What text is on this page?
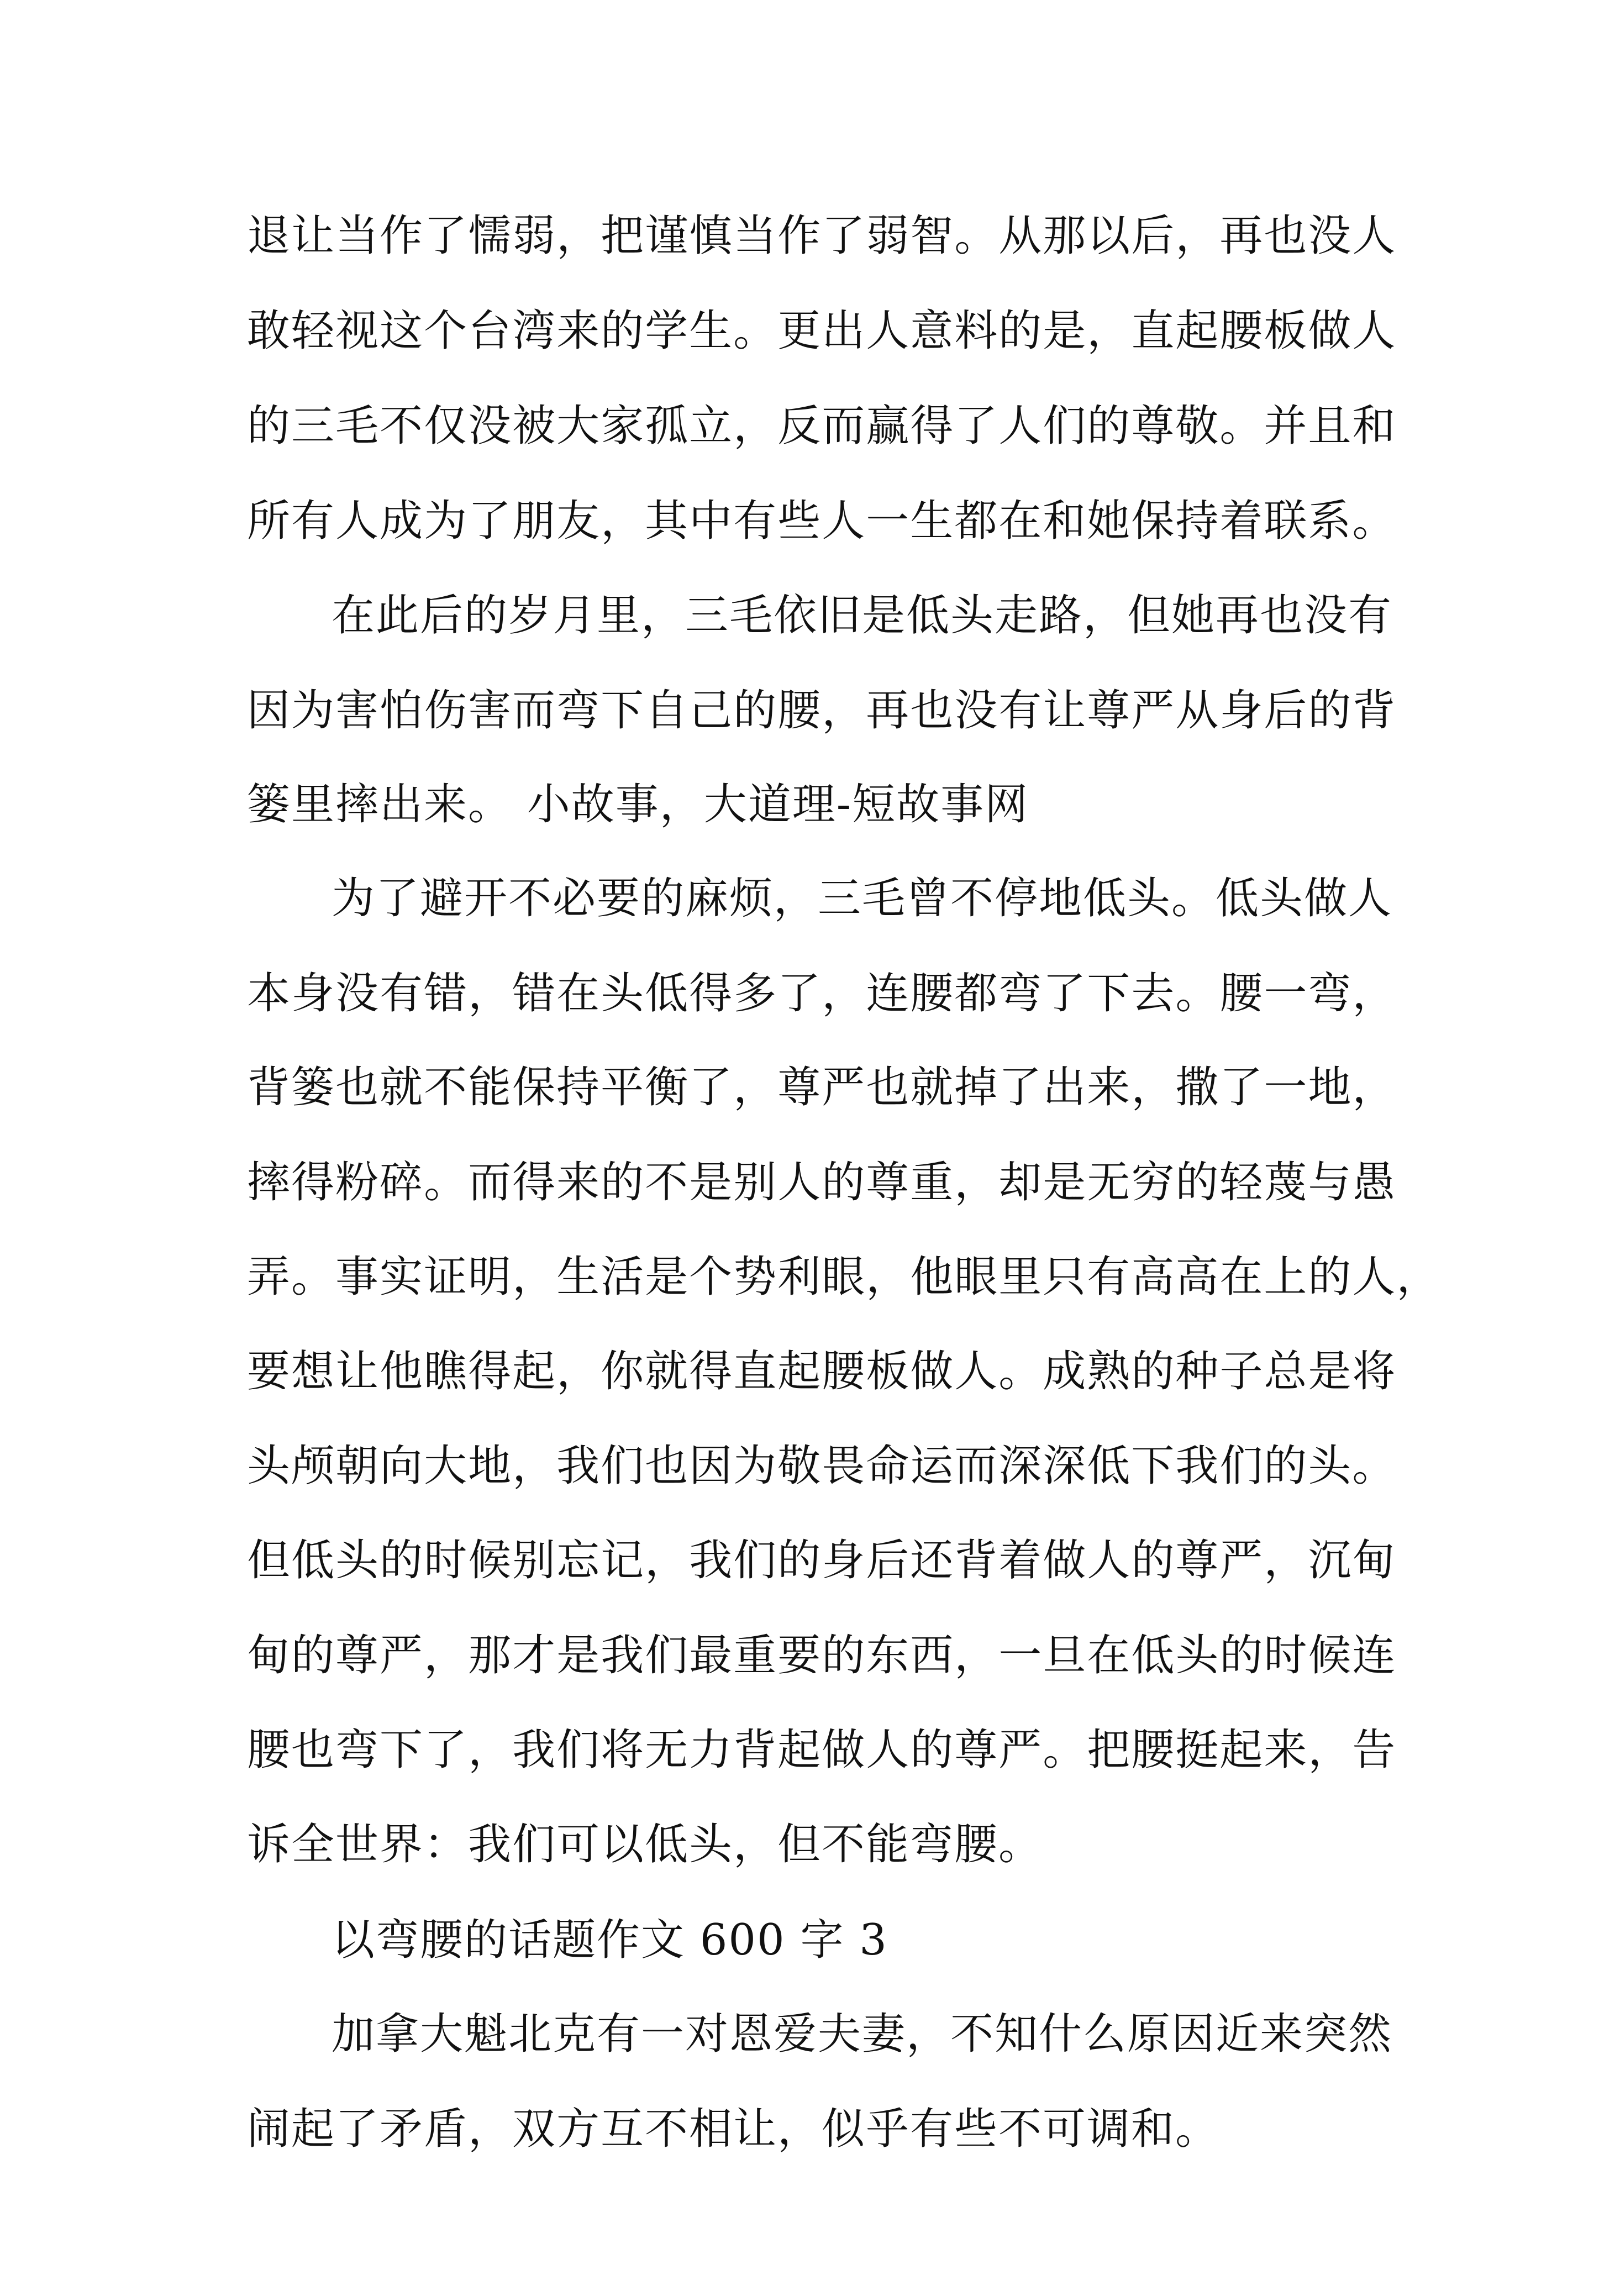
退 让 当 作 了 懦 弱 ， 把 谨 慎 当 作 了 弱 智 。 从 那 以 后 ， 再 也 没 人
敢 轻 视 这 个 台 湾 来 的 学 生 。 更 出 人 意 料 的 是 ， 直 起 腰 板 做 人
的 三 毛 不 仅 没 被 大 家 孤 立 ， 反 而 赢 得 了 人 们 的 尊 敬 。 并 且 和
所 有 人 成 为 了 朋 友 ， 其 中 有 些 人 一 生 都 在 和 她 保 持 着 联 系 。
在此后的岁月里，三毛依旧是低头走路，但她再也没有
因 为 害 怕 伤 害 而 弯 下 自 己 的 腰 ， 再 也 没 有 让 尊 严 从 身 后 的 背
篓里摔出来。 小故事，大道理-短故事网
为了避开不必要的麻烦，三毛曾不停地低头。低头做人
本 身 没 有 错 ， 错 在 头 低 得 多 了 ， 连 腰 都 弯 了 下 去 。 腰 一 弯 ，
背 篓 也 就 不 能 保 持 平 衡 了 ， 尊 严 也 就 掉 了 出 来 ， 撒 了 一 地 ，
摔 得 粉 碎 。 而 得 来 的 不 是 别 人 的 尊 重 ， 却 是 无 穷 的 轻 蔑 与 愚
弄 。 事 实 证 明 ， 生 活 是 个 势 利 眼 ， 他 眼 里 只 有 高 高 在 上 的 人 ，
要 想 让 他 瞧 得 起 ， 你 就 得 直 起 腰 板 做 人 。 成 熟 的 种 子 总 是 将
头 颅 朝 向 大 地 ， 我 们 也 因 为 敬 畏 命 运 而 深 深 低 下 我 们 的 头 。
但 低 头 的 时 候 别 忘 记 ， 我 们 的 身 后 还 背 着 做 人 的 尊 严 ， 沉 甸
甸 的 尊 严 ， 那 才 是 我 们 最 重 要 的 东 西 ， 一 旦 在 低 头 的 时 候 连
腰 也 弯 下 了 ， 我 们 将 无 力 背 起 做 人 的 尊 严 。 把 腰 挺 起 来 ， 告
诉全世界：我们可以低头，但不能弯腰。
以弯腰的话题作文 600 字 3
加拿大魁北克有一对恩爱夫妻，不知什么原因近来突然
闹起了矛盾，双方互不相让，似乎有些不可调和。
